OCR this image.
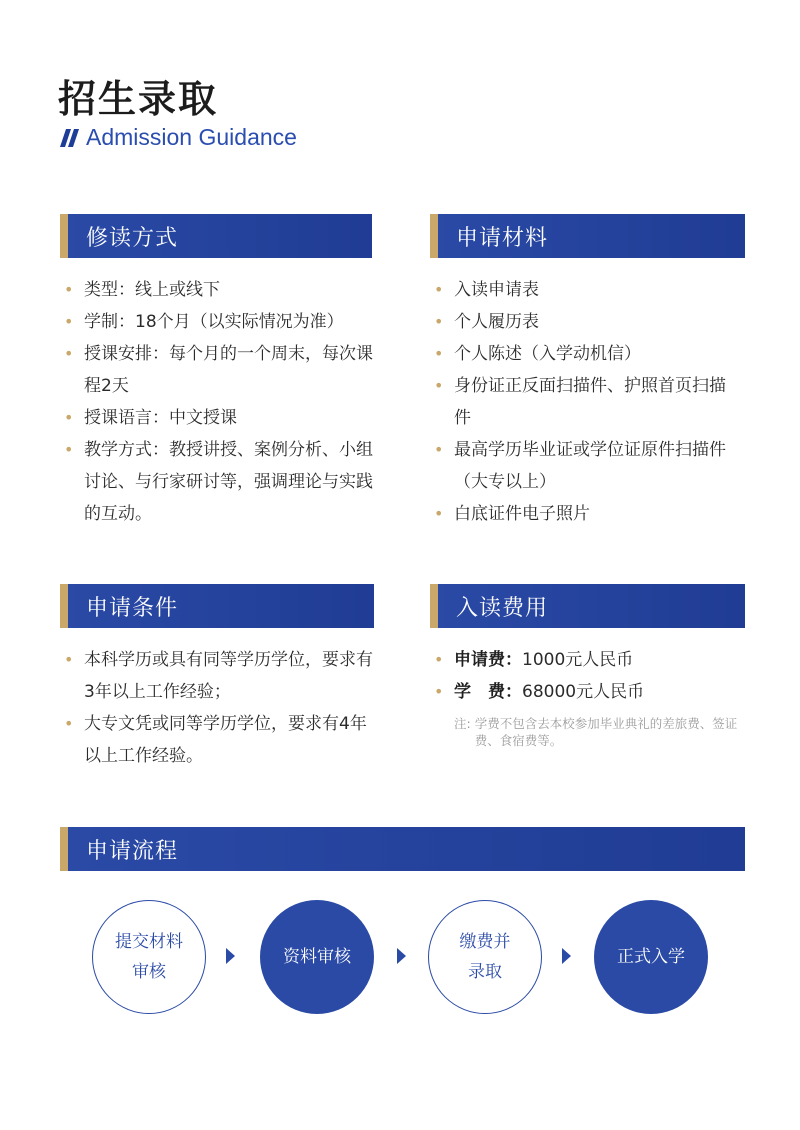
招生录取
Admission Guidance
修读方式
• 类型：线上或线下
• 学制：18个月（以实际情况为准）
• 授课安排：每个月的一个周末，每次课程2天
• 授课语言：中文授课
• 教学方式：教授讲授、案例分析、小组讨论、与行家研讨等，强调理论与实践的互动。
申请材料
• 入读申请表
• 个人履历表
• 个人陈述（入学动机信）
• 身份证正反面扫描件、护照首页扫描件
• 最高学历毕业证或学位证原件扫描件（大专以上）
• 白底证件电子照片
申请条件
• 本科学历或具有同等学历学位，要求有3年以上工作经验；
• 大专文凭或同等学历学位，要求有4年以上工作经验。
入读费用
• 申请费： 1000元人民币
• 学　费： 68000元人民币
注: 学费不包含去本校参加毕业典礼的差旅费、签证费、食宿费等。
申请流程
提交材料审核
资料审核
缴费并录取
正式入学
